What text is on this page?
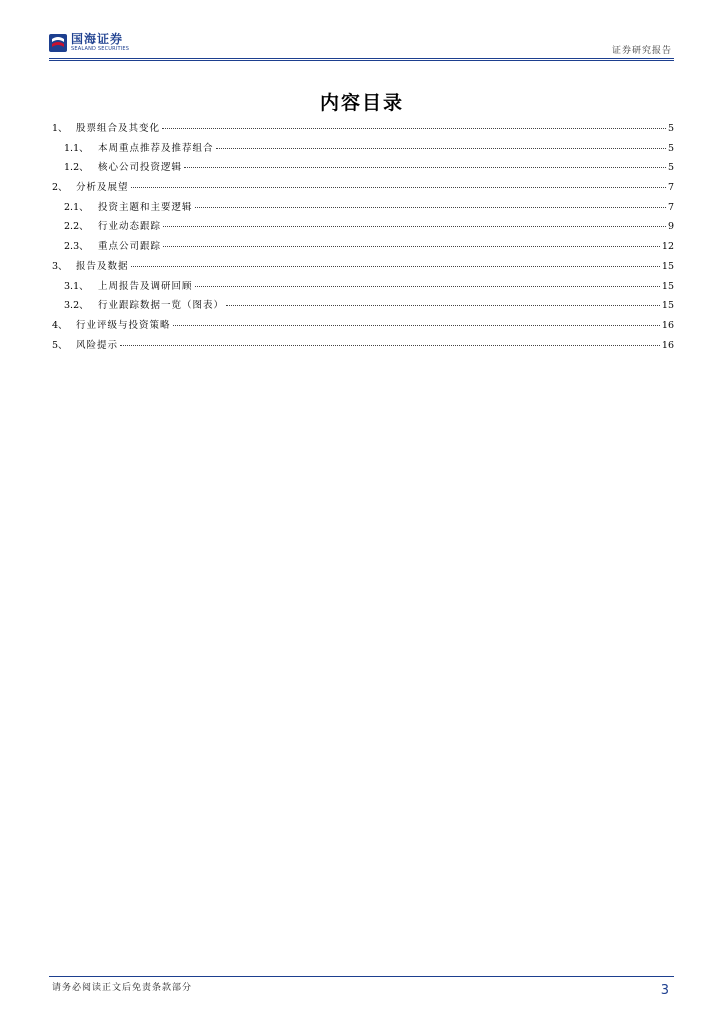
国海证券
SEALAND SECURITIES	证券研究报告
内容目录
1、 股票组合及其变化	5
1.1、 本周重点推荐及推荐组合	5
1.2、 核心公司投资逻辑	5
2、 分析及展望	7
2.1、 投资主题和主要逻辑	7
2.2、 行业动态跟踪	9
2.3、 重点公司跟踪	12
3、 报告及数据	15
3.1、 上周报告及调研回顾	15
3.2、 行业跟踪数据一览（图表）	15
4、 行业评级与投资策略	16
5、 风险提示	16
请务必阅读正文后免责条款部分	3
